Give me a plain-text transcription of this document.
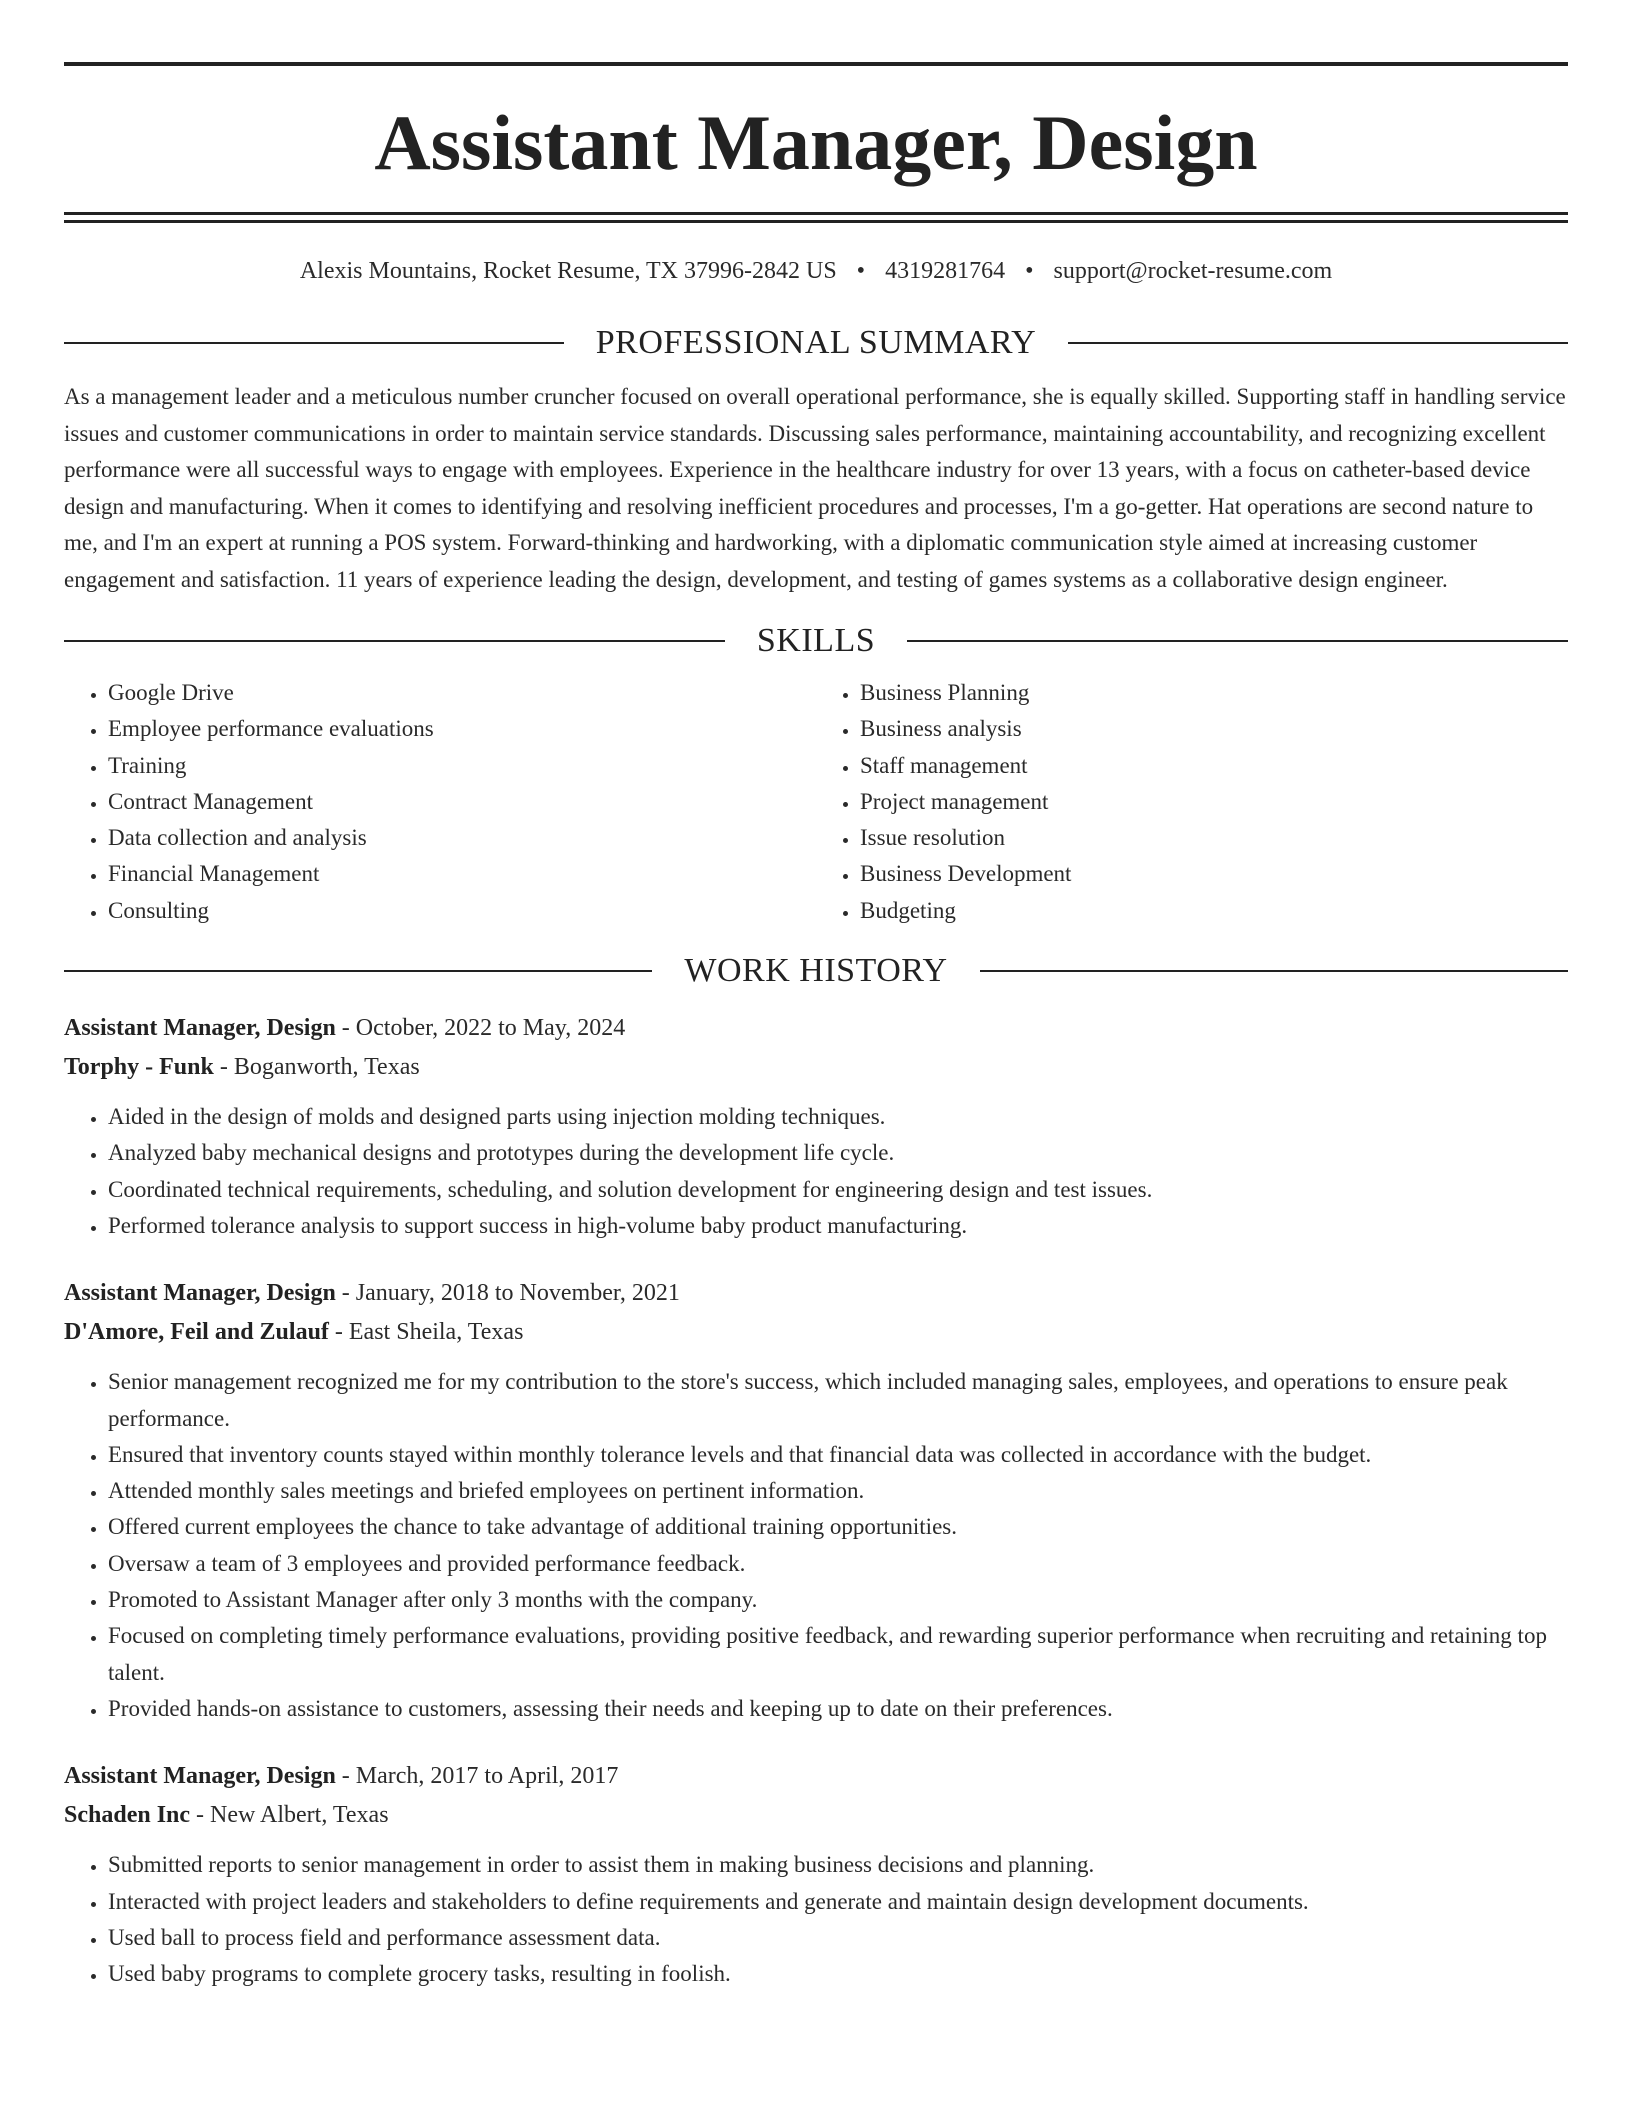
Assistant Manager, Design
Alexis Mountains, Rocket Resume, TX 37996-2842 US • 4319281764 • support@rocket-resume.com
PROFESSIONAL SUMMARY

As a management leader and a meticulous number cruncher focused on overall operational performance, she is equally skilled. Supporting staff in handling service issues and customer communications in order to maintain service standards. Discussing sales performance, maintaining accountability, and recognizing excellent performance were all successful ways to engage with employees. Experience in the healthcare industry for over 13 years, with a focus on catheter-based device design and manufacturing. When it comes to identifying and resolving inefficient procedures and processes, I'm a go-getter. Hat operations are second nature to me, and I'm an expert at running a POS system. Forward-thinking and hardworking, with a diplomatic communication style aimed at increasing customer engagement and satisfaction. 11 years of experience leading the design, development, and testing of games systems as a collaborative design engineer.

SKILLS
• Google Drive
• Employee performance evaluations
• Training
• Contract Management
• Data collection and analysis
• Financial Management
• Consulting
• Business Planning
• Business analysis
• Staff management
• Project management
• Issue resolution
• Business Development
• Budgeting
WORK HISTORY
Assistant Manager, Design - October, 2022 to May, 2024
Torphy - Funk - Boganworth, Texas
• Aided in the design of molds and designed parts using injection molding techniques.
• Analyzed baby mechanical designs and prototypes during the development life cycle.
• Coordinated technical requirements, scheduling, and solution development for engineering design and test issues.
• Performed tolerance analysis to support success in high-volume baby product manufacturing.
Assistant Manager, Design - January, 2018 to November, 2021
D'Amore, Feil and Zulauf - East Sheila, Texas
• Senior management recognized me for my contribution to the store's success, which included managing sales, employees, and operations to ensure peak performance.
• Ensured that inventory counts stayed within monthly tolerance levels and that financial data was collected in accordance with the budget.
• Attended monthly sales meetings and briefed employees on pertinent information.
• Offered current employees the chance to take advantage of additional training opportunities.
• Oversaw a team of 3 employees and provided performance feedback.
• Promoted to Assistant Manager after only 3 months with the company.
• Focused on completing timely performance evaluations, providing positive feedback, and rewarding superior performance when recruiting and retaining top talent.
• Provided hands-on assistance to customers, assessing their needs and keeping up to date on their preferences.
Assistant Manager, Design - March, 2017 to April, 2017
Schaden Inc - New Albert, Texas
• Submitted reports to senior management in order to assist them in making business decisions and planning.
• Interacted with project leaders and stakeholders to define requirements and generate and maintain design development documents.
• Used ball to process field and performance assessment data.
• Used baby programs to complete grocery tasks, resulting in foolish.
